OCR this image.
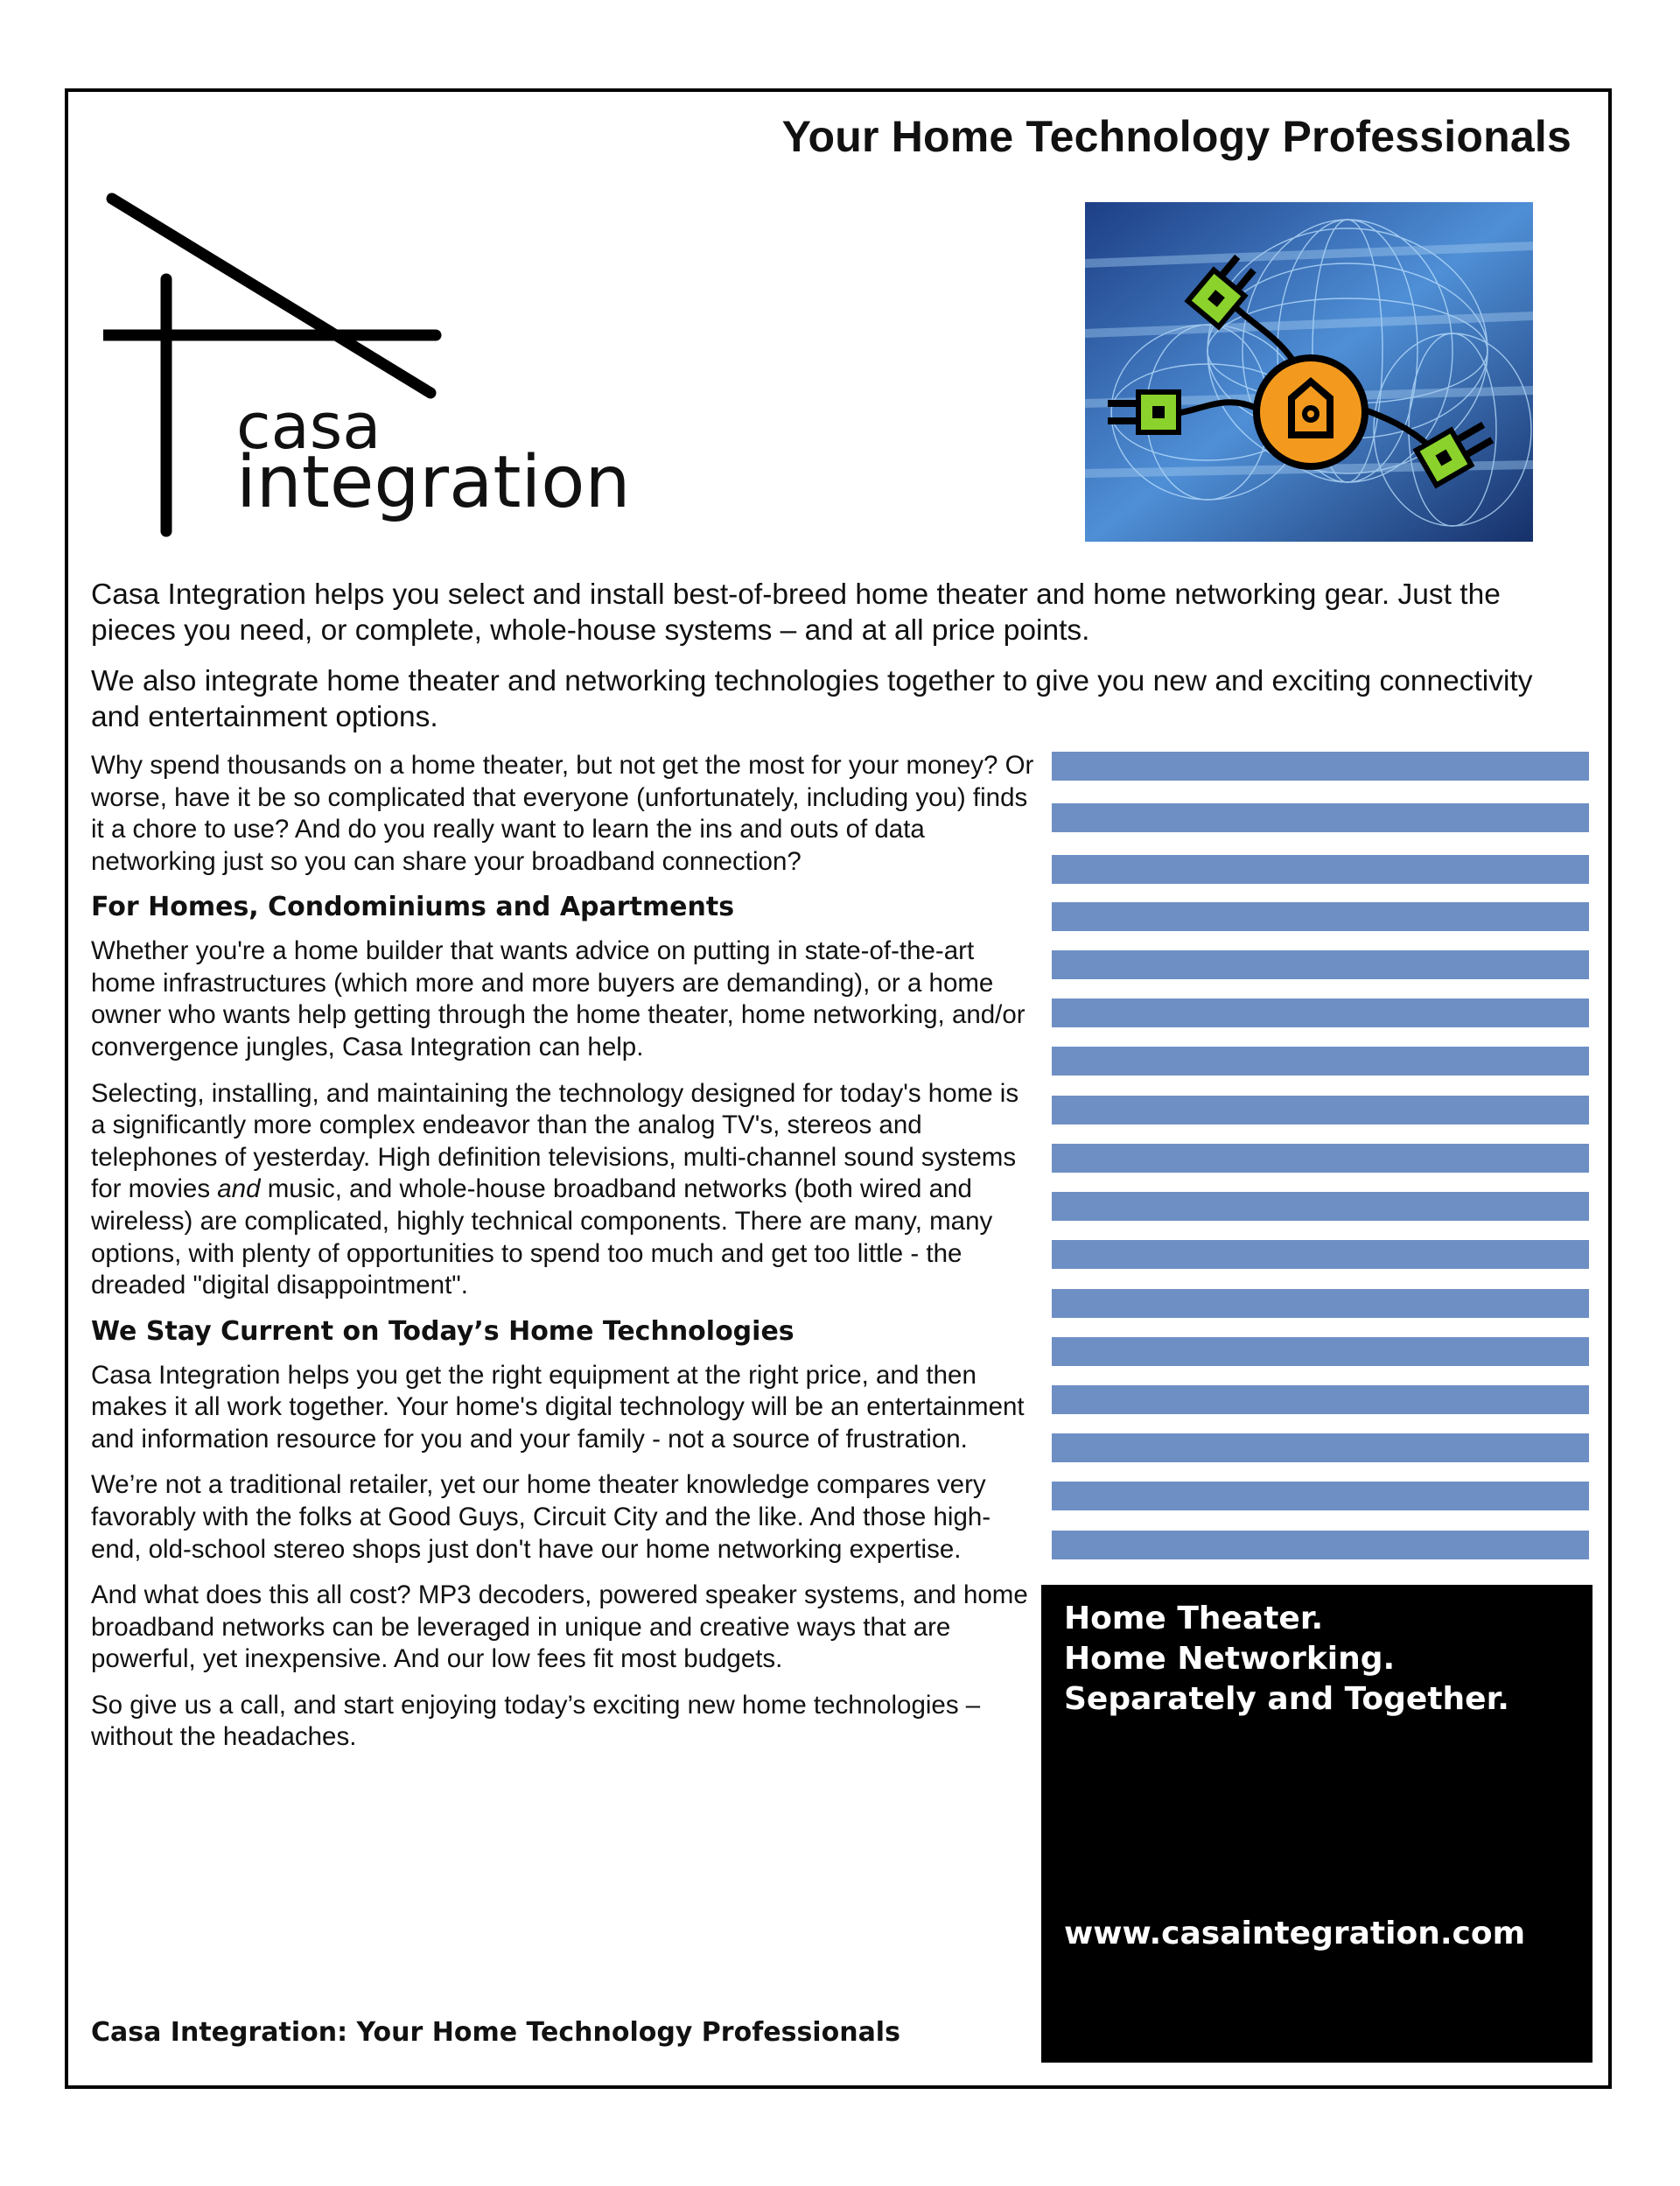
Your Home Technology Professionals
casa
integration

Casa Integration helps you select and install best-of-breed home theater and home networking gear. Just the pieces you need, or complete, whole-house systems – and at all price points.

We also integrate home theater and networking technologies together to give you new and exciting connectivity and entertainment options.

Why spend thousands on a home theater, but not get the most for your money? Or worse, have it be so complicated that everyone (unfortunately, including you) finds it a chore to use? And do you really want to learn the ins and outs of data networking just so you can share your broadband connection?

For Homes, Condominiums and Apartments

Whether you're a home builder that wants advice on putting in state-of-the-art home infrastructures (which more and more buyers are demanding), or a home owner who wants help getting through the home theater, home networking, and/or convergence jungles, Casa Integration can help.

Selecting, installing, and maintaining the technology designed for today's home is a significantly more complex endeavor than the analog TV's, stereos and telephones of yesterday. High definition televisions, multi-channel sound systems for movies and music, and whole-house broadband networks (both wired and wireless) are complicated, highly technical components. There are many, many options, with plenty of opportunities to spend too much and get too little - the dreaded "digital disappointment".

We Stay Current on Today’s Home Technologies

Casa Integration helps you get the right equipment at the right price, and then makes it all work together. Your home's digital technology will be an entertainment and information resource for you and your family - not a source of frustration.

We’re not a traditional retailer, yet our home theater knowledge compares very favorably with the folks at Good Guys, Circuit City and the like. And those high-end, old-school stereo shops just don't have our home networking expertise.

And what does this all cost? MP3 decoders, powered speaker systems, and home broadband networks can be leveraged in unique and creative ways that are powerful, yet inexpensive. And our low fees fit most budgets.

So give us a call, and start enjoying today’s exciting new home technologies – without the headaches.

Home Theater.
Home Networking.
Separately and Together.
www.casaintegration.com

Casa Integration: Your Home Technology Professionals
